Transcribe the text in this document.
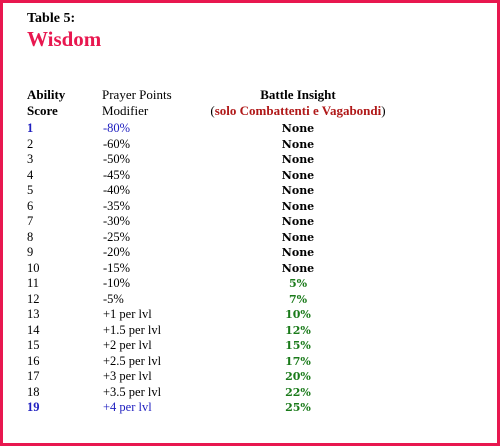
Table 5:
Wisdom
Ability
Score
Prayer Points
Modifier
Battle Insight
(solo Combattenti e Vagabondi)
1	-80%	None
2	-60%	None
3	-50%	None
4	-45%	None
5	-40%	None
6	-35%	None
7	-30%	None
8	-25%	None
9	-20%	None
10	-15%	None
11	-10%	5%
12	-5%	7%
13	+1 per lvl	10%
14	+1.5 per lvl	12%
15	+2 per lvl	15%
16	+2.5 per lvl	17%
17	+3 per lvl	20%
18	+3.5 per lvl	22%
19	+4 per lvl	25%
